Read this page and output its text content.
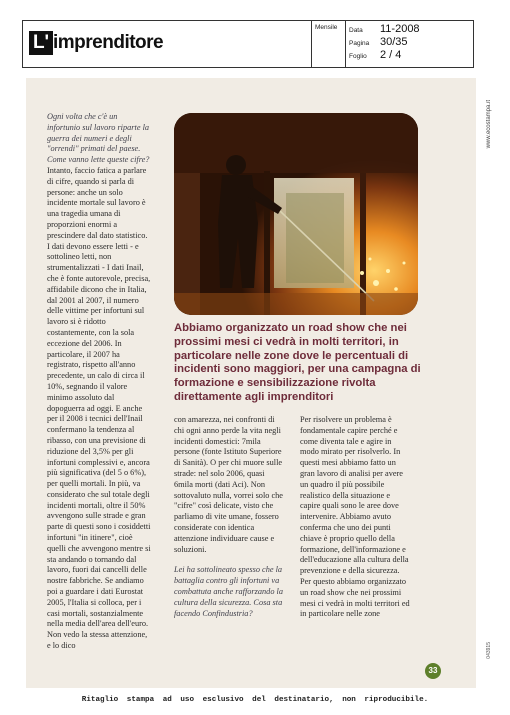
L' imprenditore
Mensile Data 11-2008
Pagina 30/35
Foglio 2 / 4
www.ecostampa.it
043915

Ogni volta che c'è un infortunio sul lavoro riparte la guerra dei numeri e degli "orrendi" primati del paese. Come vanno lette queste cifre?

Intanto, faccio fatica a parlare di cifre, quando si parla di persone: anche un solo incidente mortale sul lavoro è una tragedia umana di proporzioni enormi a prescindere dal dato statistico. I dati devono essere letti - e sottolineo letti, non strumentalizzati - I dati Inail, che è fonte autorevole, precisa, affidabile dicono che in Italia, dal 2001 al 2007, il numero delle vittime per infortuni sul lavoro si è ridotto costantemente, con la sola eccezione del 2006. In particolare, il 2007 ha registrato, rispetto all'anno precedente, un calo di circa il 10%, segnando il valore minimo assoluto dal dopoguerra ad oggi. E anche per il 2008 i tecnici dell'Inail confermano la tendenza al ribasso, con una previsione di riduzione del 3,5% per gli infortuni complessivi e, ancora più significativa (del 5 o 6%), per quelli mortali. In più, va considerato che sul totale degli incidenti mortali, oltre il 50% avvengono sulle strade e gran parte di questi sono i cosiddetti infortuni "in itinere", cioè quelli che avvengono mentre si sta andando o tornando dal lavoro, fuori dai cancelli delle nostre fabbriche. Se andiamo poi a guardare i dati Eurostat 2005, l'Italia si colloca, per i casi mortali, sostanzialmente nella media dell'area dell'euro. Non vedo la stessa attenzione, e lo dico

Abbiamo organizzato un road show che nei prossimi mesi ci vedrà in molti territori, in particolare nelle zone dove le percentuali di incidenti sono maggiori, per una campagna di formazione e sensibilizzazione rivolta direttamente agli imprenditori

con amarezza, nei confronti di chi ogni anno perde la vita negli incidenti domestici: 7mila persone (fonte Istituto Superiore di Sanità). O per chi muore sulle strade: nel solo 2006, quasi 6mila morti (dati Aci). Non sottovaluto nulla, vorrei solo che "cifre" così delicate, visto che parliamo di vite umane, fossero considerate con identica attenzione individuare cause e soluzioni.

Lei ha sottolineato spesso che la battaglia contro gli infortuni va combattuta anche rafforzando la cultura della sicurezza. Cosa sta facendo Confindustria?

Per risolvere un problema è fondamentale capire perché e come diventa tale e agire in modo mirato per risolverlo. In questi mesi abbiamo fatto un gran lavoro di analisi per avere un quadro il più possibile realistico della situazione e capire quali sono le aree dove intervenire. Abbiamo avuto conferma che uno dei punti chiave è proprio quello della formazione, dell'informazione e dell'educazione alla cultura della prevenzione e della sicurezza. Per questo abbiamo organizzato un road show che nei prossimi mesi ci vedrà in molti territori ed in particolare nelle zone

33
Ritaglio stampa ad uso esclusivo del destinatario, non riproducibile.
